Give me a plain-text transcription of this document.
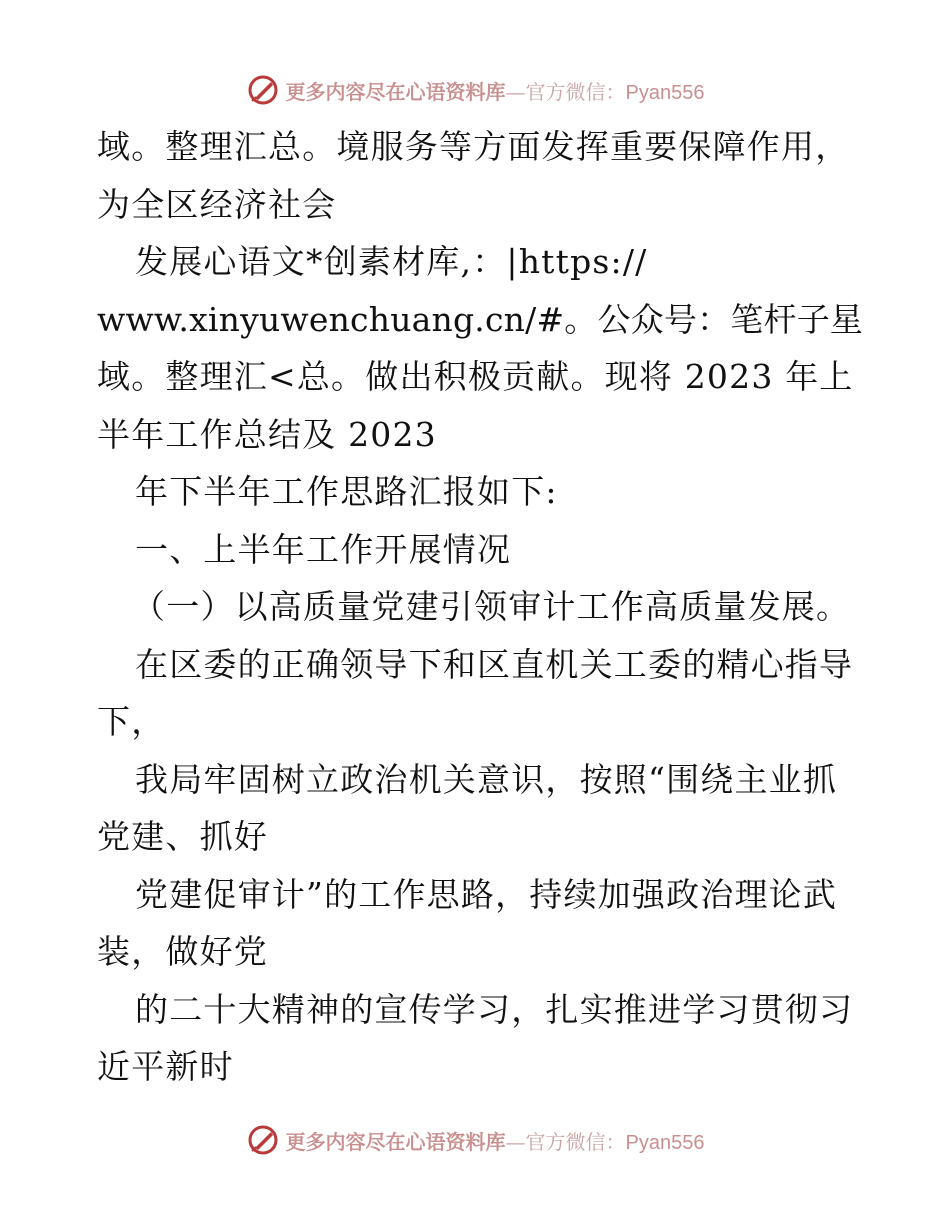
更多内容尽在心语资料库—官方微信：Pyan556
域。整理汇总。境服务等方面发挥重要保障作用，
为全区经济社会
发展心语文*创素材库,：|https://
www.xinyuwenchuang.cn/#。公众号：笔杆子星
域。整理汇<总。做出积极贡献。现将 2023 年上
半年工作总结及 2023
年下半年工作思路汇报如下:
一、上半年工作开展情况
（一）以高质量党建引领审计工作高质量发展。
在区委的正确领导下和区直机关工委的精心指导
下，
我局牢固树立政治机关意识，按照“围绕主业抓
党建、抓好
党建促审计”的工作思路，持续加强政治理论武
装，做好党
的二十大精神的宣传学习，扎实推进学习贯彻习
近平新时
更多内容尽在心语资料库—官方微信：Pyan556
